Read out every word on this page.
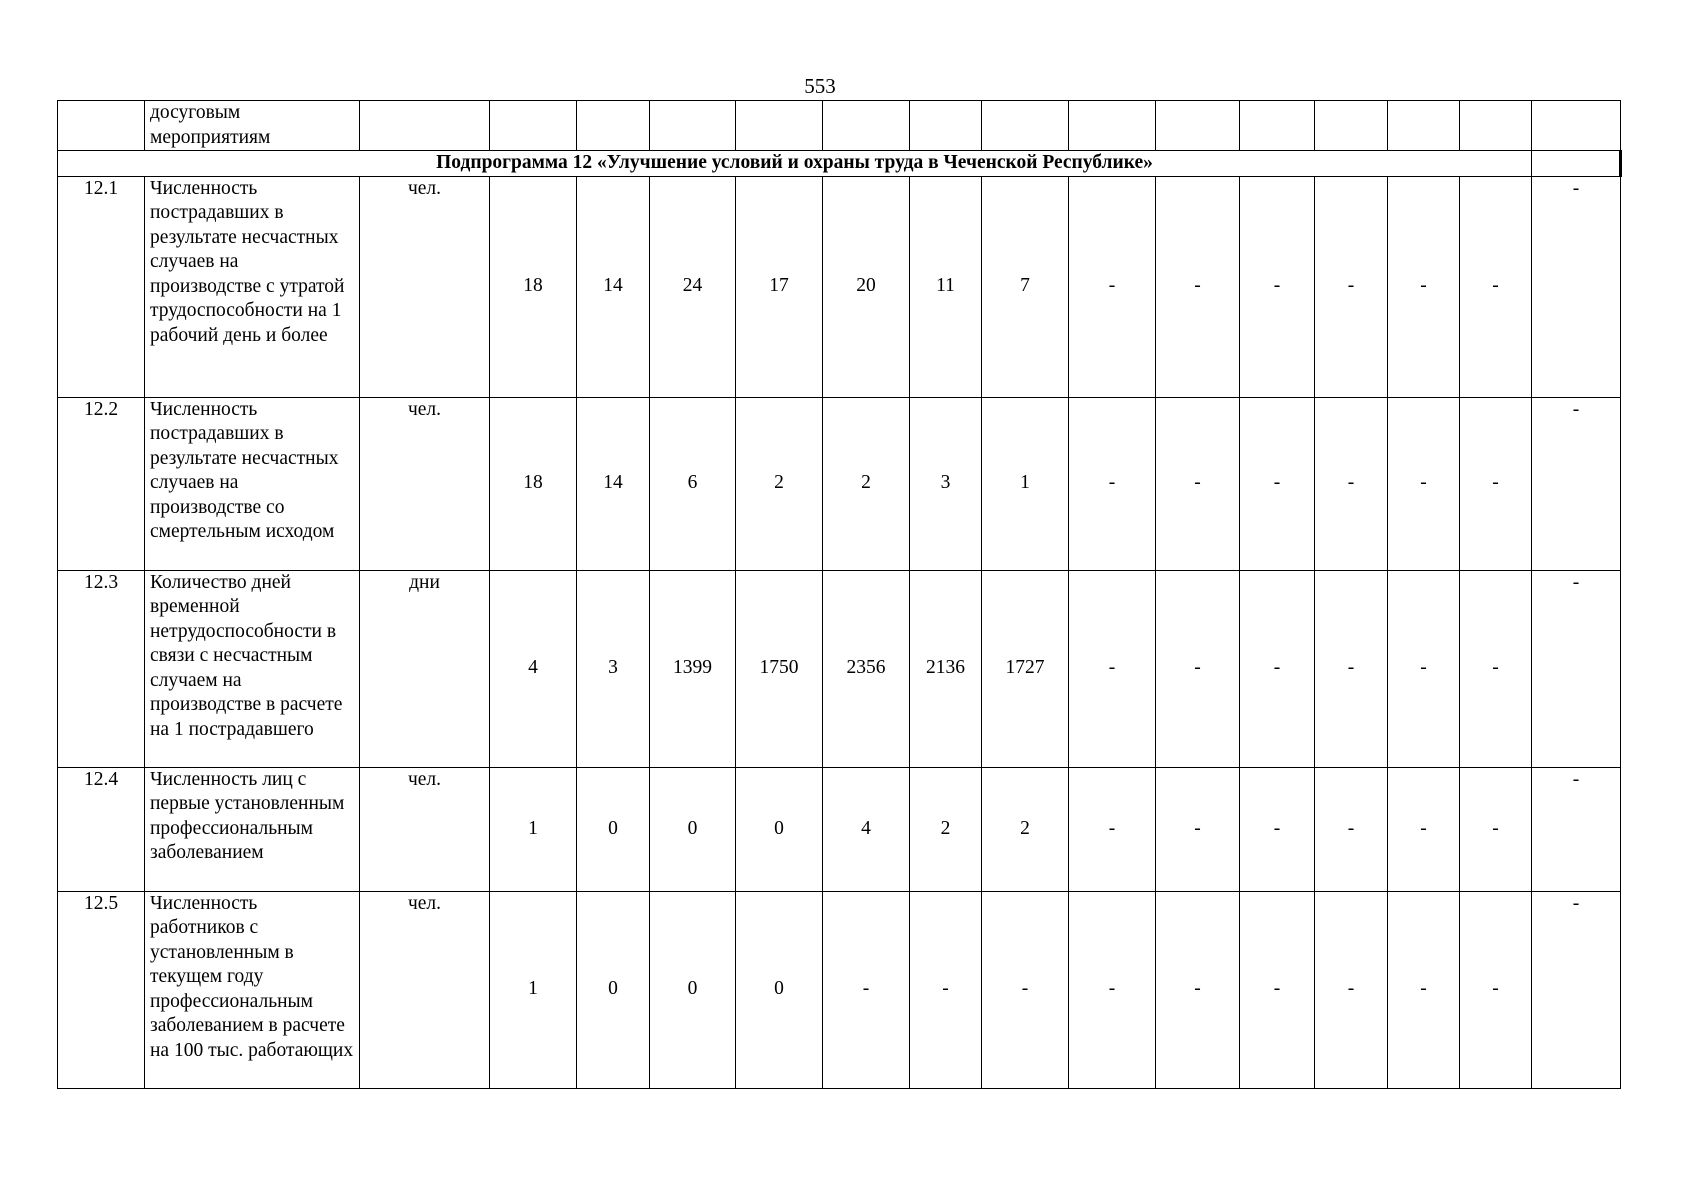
553
	досуговым
мероприятиям															
Подпрограмма 12 «Улучшение условий и охраны труда в Чеченской Республике»																
12.1	Численность пострадавших в результате несчастных случаев на производстве с утратой трудоспособности на 1 рабочий день и более	чел.	18	14	24	17	20	11	7	-	-	-	-	-	-	-
12.2	Численность пострадавших в результате несчастных случаев на производстве со смертельным исходом	чел.	18	14	6	2	2	3	1	-	-	-	-	-	-	-
12.3	Количество дней временной нетрудоспособности в связи с несчастным случаем на производстве в расчете на 1 пострадавшего	дни	4	3	1399	1750	2356	2136	1727	-	-	-	-	-	-	-
12.4	Численность лиц с первые установленным профессиональным заболеванием	чел.	1	0	0	0	4	2	2	-	-	-	-	-	-	-
12.5	Численность работников с установленным в текущем году профессиональным заболеванием в расчете на 100 тыс. работающих	чел.	1	0	0	0	-	-	-	-	-	-	-	-	-	-
